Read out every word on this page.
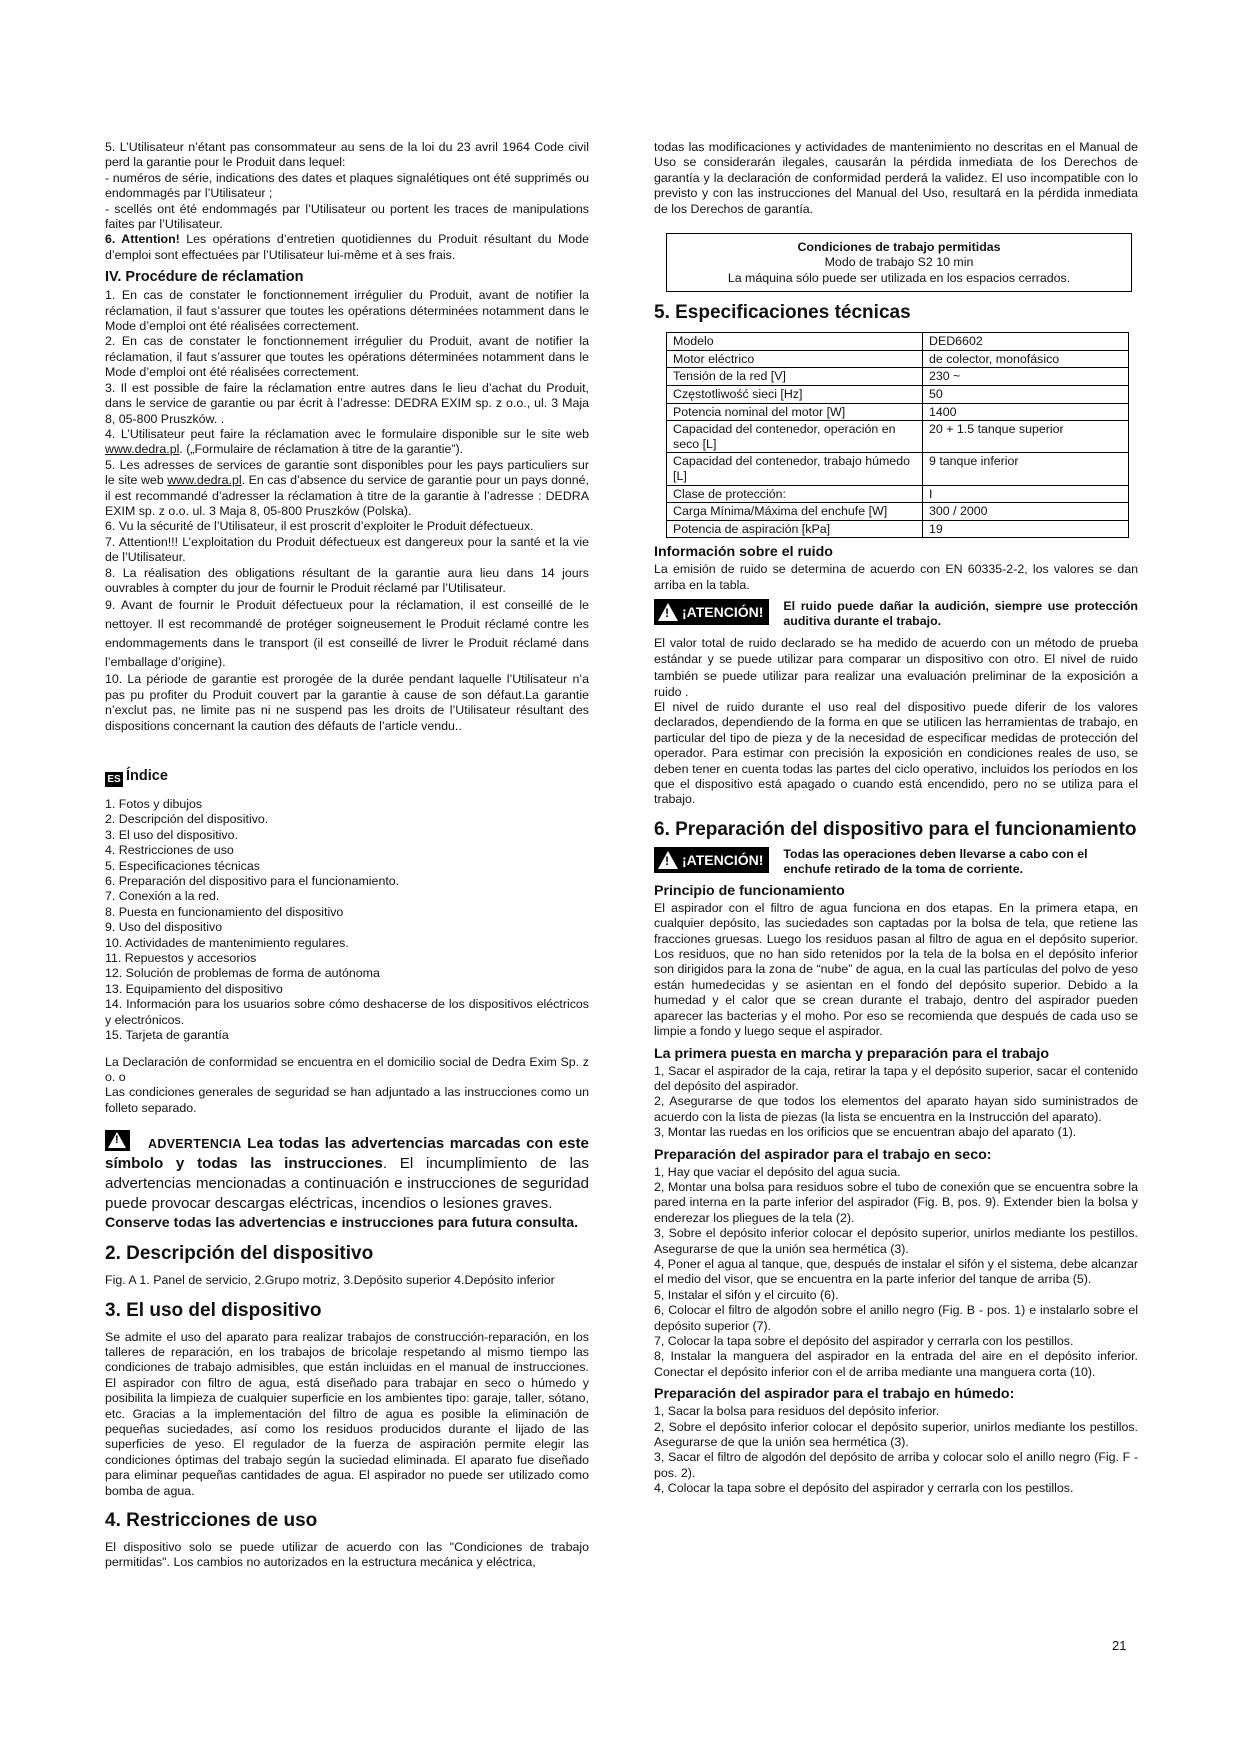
5. L’Utilisateur n’étant pas consommateur au sens de la loi du 23 avril 1964 Code civil perd la garantie pour le Produit dans lequel:

- numéros de série, indications des dates et plaques signalétiques ont été supprimés ou endommagés par l’Utilisateur ;

- scellés ont été endommagés par l’Utilisateur ou portent les traces de manipulations faites par l’Utilisateur.

6. Attention! Les opérations d’entretien quotidiennes du Produit résultant du Mode d’emploi sont effectuées par l’Utilisateur lui-même et à ses frais.

IV. Procédure de réclamation

1. En cas de constater le fonctionnement irrégulier du Produit, avant de notifier la réclamation, il faut s’assurer que toutes les opérations déterminées notamment dans le Mode d’emploi ont été réalisées correctement.

2. En cas de constater le fonctionnement irrégulier du Produit, avant de notifier la réclamation, il faut s’assurer que toutes les opérations déterminées notamment dans le Mode d’emploi ont été réalisées correctement.

3. Il est possible de faire la réclamation entre autres dans le lieu d’achat du Produit, dans le service de garantie ou par écrit à l’adresse: DEDRA EXIM sp. z o.o., ul. 3 Maja 8, 05-800 Pruszków. .

4. L’Utilisateur peut faire la réclamation avec le formulaire disponible sur le site web www.dedra.pl. („Formulaire de réclamation à titre de la garantie”).

5. Les adresses de services de garantie sont disponibles pour les pays particuliers sur le site web www.dedra.pl. En cas d’absence du service de garantie pour un pays donné, il est recommandé d’adresser la réclamation à titre de la garantie à l’adresse : DEDRA EXIM sp. z o.o. ul. 3 Maja 8, 05-800 Pruszków (Polska).

6. Vu la sécurité de l’Utilisateur, il est proscrit d’exploiter le Produit défectueux.

7. Attention!!! L’exploitation du Produit défectueux est dangereux pour la santé et la vie de l’Utilisateur.

8. La réalisation des obligations résultant de la garantie aura lieu dans 14 jours ouvrables à compter du jour de fournir le Produit réclamé par l’Utilisateur.

9. Avant de fournir le Produit défectueux pour la réclamation, il est conseillé de le nettoyer. Il est recommandé de protéger soigneusement le Produit réclamé contre les endommagements dans le transport (il est conseillé de livrer le Produit réclamé dans l’emballage d’origine).

10. La période de garantie est prorogée de la durée pendant laquelle l’Utilisateur n’a pas pu profiter du Produit couvert par la garantie à cause de son défaut.La garantie n’exclut pas, ne limite pas ni ne suspend pas les droits de l’Utilisateur résultant des dispositions concernant la caution des défauts de l’article vendu..

ES Índice

1. Fotos y dibujos

2. Descripción del dispositivo.

3. El uso del dispositivo.

4. Restricciones de uso

5. Especificaciones técnicas

6. Preparación del dispositivo para el funcionamiento.

7. Conexión a la red.

8. Puesta en funcionamiento del dispositivo

9. Uso del dispositivo

10. Actividades de mantenimiento regulares.

11. Repuestos y accesorios

12. Solución de problemas de forma de autónoma

13. Equipamiento del dispositivo

14. Información para los usuarios sobre cómo deshacerse de los dispositivos eléctricos y electrónicos.

15. Tarjeta de garantía

La Declaración de conformidad se encuentra en el domicilio social de Dedra Exim Sp. z o. o

Las condiciones generales de seguridad se han adjuntado a las instrucciones como un folleto separado.

! ADVERTENCIA Lea todas las advertencias marcadas con este símbolo y todas las instrucciones. El incumplimiento de las advertencias mencionadas a continuación e instrucciones de seguridad puede provocar descargas eléctricas, incendios o lesiones graves.

Conserve todas las advertencias e instrucciones para futura consulta.

2. Descripción del dispositivo

Fig. A 1. Panel de servicio, 2.Grupo motriz, 3.Depósito superior 4.Depósito inferior

3. El uso del dispositivo

Se admite el uso del aparato para realizar trabajos de construcción-reparación, en los talleres de reparación, en los trabajos de bricolaje respetando al mismo tiempo las condiciones de trabajo admisibles, que están incluidas en el manual de instrucciones. El aspirador con filtro de agua, está diseñado para trabajar en seco o húmedo y posibilita la limpieza de cualquier superficie en los ambientes tipo: garaje, taller, sótano, etc. Gracias a la implementación del filtro de agua es posible la eliminación de pequeñas suciedades, así como los residuos producidos durante el lijado de las superficies de yeso. El regulador de la fuerza de aspiración permite elegir las condiciones óptimas del trabajo según la suciedad eliminada. El aparato fue diseñado para eliminar pequeñas cantidades de agua. El aspirador no puede ser utilizado como bomba de agua.

4. Restricciones de uso

El dispositivo solo se puede utilizar de acuerdo con las "Condiciones de trabajo permitidas". Los cambios no autorizados en la estructura mecánica y eléctrica,

todas las modificaciones y actividades de mantenimiento no descritas en el Manual de Uso se considerarán ilegales, causarán la pérdida inmediata de los Derechos de garantía y la declaración de conformidad perderá la validez. El uso incompatible con lo previsto y con las instrucciones del Manual del Uso, resultará en la pérdida inmediata de los Derechos de garantía.

Condiciones de trabajo permitidas
Modo de trabajo S2 10 min
La máquina sólo puede ser utilizada en los espacios cerrados.
5. Especificaciones técnicas
Modelo	DED6602
Motor eléctrico	de colector, monofásico
Tensión de la red [V]	230 ~
Częstotliwość sieci [Hz]	50
Potencia nominal del motor [W]	1400
Capacidad del contenedor, operación en seco [L]	20 + 1.5 tanque superior
Capacidad del contenedor, trabajo húmedo [L]	9 tanque inferior
Clase de protección:	I
Carga Mínima/Máxima del enchufe [W]	300 / 2000
Potencia de aspiración [kPa]	19
Información sobre el ruido

La emisión de ruido se determina de acuerdo con EN 60335-2-2, los valores se dan arriba en la tabla.

! ¡ATENCIÓN! El ruido puede dañar la audición, siempre use protección auditiva durante el trabajo.

El valor total de ruido declarado se ha medido de acuerdo con un método de prueba estándar y se puede utilizar para comparar un dispositivo con otro. El nivel de ruido también se puede utilizar para realizar una evaluación preliminar de la exposición a ruido .

El nivel de ruido durante el uso real del dispositivo puede diferir de los valores declarados, dependiendo de la forma en que se utilicen las herramientas de trabajo, en particular del tipo de pieza y de la necesidad de especificar medidas de protección del operador. Para estimar con precisión la exposición en condiciones reales de uso, se deben tener en cuenta todas las partes del ciclo operativo, incluidos los períodos en los que el dispositivo está apagado o cuando está encendido, pero no se utiliza para el trabajo.

6. Preparación del dispositivo para el funcionamiento
! ¡ATENCIÓN! Todas las operaciones deben llevarse a cabo con el enchufe retirado de la toma de corriente.
Principio de funcionamiento

El aspirador con el filtro de agua funciona en dos etapas. En la primera etapa, en cualquier depósito, las suciedades son captadas por la bolsa de tela, que retiene las fracciones gruesas. Luego los residuos pasan al filtro de agua en el depósito superior. Los residuos, que no han sido retenidos por la tela de la bolsa en el depósito inferior son dirigidos para la zona de “nube” de agua, en la cual las partículas del polvo de yeso están humedecidas y se asientan en el fondo del depósito superior. Debido a la humedad y el calor que se crean durante el trabajo, dentro del aspirador pueden aparecer las bacterias y el moho. Por eso se recomienda que después de cada uso se limpie a fondo y luego seque el aspirador.

La primera puesta en marcha y preparación para el trabajo

1, Sacar el aspirador de la caja, retirar la tapa y el depósito superior, sacar el contenido del depósito del aspirador.

2, Asegurarse de que todos los elementos del aparato hayan sido suministrados de acuerdo con la lista de piezas (la lista se encuentra en la Instrucción del aparato).

3, Montar las ruedas en los orificios que se encuentran abajo del aparato (1).

Preparación del aspirador para el trabajo en seco:

1, Hay que vaciar el depósito del agua sucia.

2, Montar una bolsa para residuos sobre el tubo de conexión que se encuentra sobre la pared interna en la parte inferior del aspirador (Fig. B, pos. 9). Extender bien la bolsa y enderezar los pliegues de la tela (2).

3, Sobre el depósito inferior colocar el depósito superior, unirlos mediante los pestillos. Asegurarse de que la unión sea hermética (3).

4, Poner el agua al tanque, que, después de instalar el sifón y el sistema, debe alcanzar el medio del visor, que se encuentra en la parte inferior del tanque de arriba (5).

5, Instalar el sifón y el circuito (6).

6, Colocar el filtro de algodón sobre el anillo negro (Fig. B - pos. 1) e instalarlo sobre el depósito superior (7).

7, Colocar la tapa sobre el depósito del aspirador y cerrarla con los pestillos.

8, Instalar la manguera del aspirador en la entrada del aire en el depósito inferior. Conectar el depósito inferior con el de arriba mediante una manguera corta (10).

Preparación del aspirador para el trabajo en húmedo:

1, Sacar la bolsa para residuos del depósito inferior.

2, Sobre el depósito inferior colocar el depósito superior, unirlos mediante los pestillos. Asegurarse de que la unión sea hermética (3).

3, Sacar el filtro de algodón del depósito de arriba y colocar solo el anillo negro (Fig. F - pos. 2).

4, Colocar la tapa sobre el depósito del aspirador y cerrarla con los pestillos.

21
